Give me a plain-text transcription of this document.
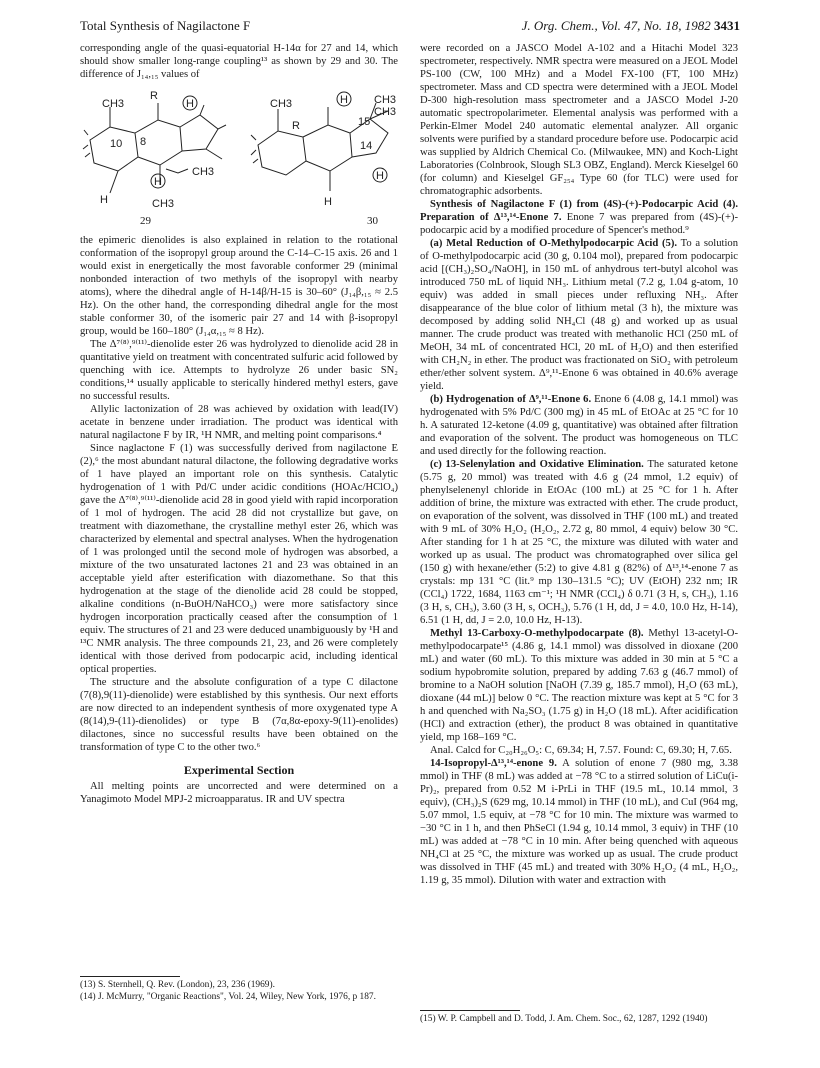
Total Synthesis of Nagilactone F	J. Org. Chem., Vol. 47, No. 18, 1982 3431

corresponding angle of the quasi-equatorial H-14α for 27 and 14, which should show smaller long-range coupling¹³ as shown by 29 and 30. The difference of J₁₄,₁₅ values of

CH3
R
H
H
CH3
H	CH3
8
10
CH3	H
H
CH3
CH3
R
H
15
14
29	30

the epimeric dienolides is also explained in relation to the rotational conformation of the isopropyl group around the C-14–C-15 axis. 26 and 1 would exist in energetically the most favorable conformer 29 (minimal nonbonded interaction of two methyls of the isopropyl with nearby atoms), where the dihedral angle of H-14β/H-15 is 30–60° (J₁₄β,₁₅ ≈ 2.5 Hz). On the other hand, the corresponding dihedral angle for the most stable conformer 30, of the isomeric pair 27 and 14 with β-isopropyl group, would be 160–180° (J₁₄α,₁₅ ≈ 8 Hz).

The Δ⁷⁽⁸⁾,⁹⁽¹¹⁾-dienolide ester 26 was hydrolyzed to dienolide acid 28 in quantitative yield on treatment with concentrated sulfuric acid followed by quenching with ice. Attempts to hydrolyze 26 under basic SN₂ conditions,¹⁴ usually applicable to sterically hindered methyl esters, gave no successful results.

Allylic lactonization of 28 was achieved by oxidation with lead(IV) acetate in benzene under irradiation. The product was identical with natural nagilactone F by IR, ¹H NMR, and melting point comparisons.⁴

Since naglactone F (1) was successfully derived from nagilactone E (2),⁶ the most abundant natural dilactone, the following degradative works of 1 have played an important role on this synthesis. Catalytic hydrogenation of 1 with Pd/C under acidic conditions (HOAc/HClO₄) gave the Δ⁷⁽⁸⁾,⁹⁽¹¹⁾-dienolide acid 28 in good yield with rapid incorporation of 1 mol of hydrogen. The acid 28 did not crystallize but gave, on treatment with diazomethane, the crystalline methyl ester 26, which was characterized by elemental and spectral analyses. When the hydrogenation of 1 was prolonged until the second mole of hydrogen was absorbed, a mixture of the two unsaturated lactones 21 and 23 was obtained in an acceptable yield after esterification with diazomethane. So that this hydrogenation at the stage of the dienolide acid 28 could be stopped, alkaline conditions (n-BuOH/NaHCO₃) were more satisfactory since hydrogen incorporation practically ceased after the consumption of 1 equiv. The structures of 21 and 23 were deduced unambiguously by ¹H and ¹³C NMR analysis. The three compounds 21, 23, and 26 were completely identical with those derived from podocarpic acid, including identical optical properties.

The structure and the absolute configuration of a type C dilactone (7(8),9(11)-dienolide) were established by this synthesis. Our next efforts are now directed to an independent synthesis of more oxygenated type A (8(14),9-(11)-dienolides) or type B (7α,8α-epoxy-9(11)-enolides) dilactones, since no successful results have been obtained on the transformation of type C to the other two.⁶

Experimental Section

All melting points are uncorrected and were determined on a Yanagimoto Model MPJ-2 microapparatus. IR and UV spectra

were recorded on a JASCO Model A-102 and a Hitachi Model 323 spectrometer, respectively. NMR spectra were measured on a JEOL Model PS-100 (CW, 100 MHz) and a Model FX-100 (FT, 100 MHz) spectrometer. Mass and CD spectra were determined with a JEOL Model D-300 high-resolution mass spectrometer and a JASCO Model J-20 automatic spectropolarimeter. Elemental analysis was performed with a Perkin-Elmer Model 240 automatic elemental analyzer. All organic solvents were purified by a standard procedure before use. Podocarpic acid was supplied by Aldrich Chemical Co. (Milwaukee, MN) and Koch-Light Laboratories (Colnbrook, Slough SL3 OBZ, England). Merck Kieselgel 60 (for column) and Kieselgel GF₂₅₄ Type 60 (for TLC) were used for chromatographic adsorbents.

Synthesis of Nagilactone F (1) from (4S)-(+)-Podocarpic Acid (4). Preparation of Δ¹³,¹⁴-Enone 7. Enone 7 was prepared from (4S)-(+)-podocarpic acid by a modified procedure of Spencer's method.⁹

(a) Metal Reduction of O-Methylpodocarpic Acid (5). To a solution of O-methylpodocarpic acid (30 g, 0.104 mol), prepared from podocarpic acid [(CH₃)₂SO₄/NaOH], in 150 mL of anhydrous tert-butyl alcohol was introduced 750 mL of liquid NH₃. Lithium metal (7.2 g, 1.04 g-atom, 10 equiv) was added in small pieces under refluxing NH₃. After disappearance of the blue color of lithium metal (3 h), the mixture was decomposed by adding solid NH₄Cl (48 g) and worked up as usual manner. The crude product was treated with methanolic HCl (250 mL of MeOH, 34 mL of concentrated HCl, 20 mL of H₂O) and then esterified with CH₂N₂ in ether. The product was fractionated on SiO₂ with petroleum ether/ether solvent system. Δ⁹,¹¹-Enone 6 was obtained in 40.6% average yield.

(b) Hydrogenation of Δ⁹,¹¹-Enone 6. Enone 6 (4.08 g, 14.1 mmol) was hydrogenated with 5% Pd/C (300 mg) in 45 mL of EtOAc at 25 °C for 10 h. A saturated 12-ketone (4.09 g, quantitative) was obtained after filtration and evaporation of the solvent. The product was homogeneous on TLC and used directly for the following reaction.

(c) 13-Selenylation and Oxidative Elimination. The saturated ketone (5.75 g, 20 mmol) was treated with 4.6 g (24 mmol, 1.2 equiv) of phenylselenenyl chloride in EtOAc (100 mL) at 25 °C for 1 h. After addition of brine, the mixture was extracted with ether. The crude product, on evaporation of the solvent, was dissolved in THF (100 mL) and treated with 9 mL of 30% H₂O₂ (H₂O₂, 2.72 g, 80 mmol, 4 equiv) below 30 °C. After standing for 1 h at 25 °C, the mixture was diluted with water and worked up as usual. The product was chromatographed over silica gel (150 g) with hexane/ether (5:2) to give 4.81 g (82%) of Δ¹³,¹⁴-enone 7 as crystals: mp 131 °C (lit.⁹ mp 130–131.5 °C); UV (EtOH) 232 nm; IR (CCl₄) 1722, 1684, 1163 cm⁻¹; ¹H NMR (CCl₄) δ 0.71 (3 H, s, CH₃), 1.16 (3 H, s, CH₃), 3.60 (3 H, s, OCH₃), 5.76 (1 H, dd, J = 4.0, 10.0 Hz, H-14), 6.51 (1 H, dd, J = 2.0, 10.0 Hz, H-13).

Methyl 13-Carboxy-O-methylpodocarpate (8). Methyl 13-acetyl-O-methylpodocarpate¹⁵ (4.86 g, 14.1 mmol) was dissolved in dioxane (200 mL) and water (60 mL). To this mixture was added in 30 min at 5 °C a sodium hypobromite solution, prepared by adding 7.63 g (46.7 mmol) of bromine to a NaOH solution [NaOH (7.39 g, 185.7 mmol), H₂O (63 mL), dioxane (44 mL)] below 0 °C. The reaction mixture was kept at 5 °C for 3 h and quenched with Na₂SO₃ (1.75 g) in H₂O (18 mL). After acidification (HCl) and extraction (ether), the product 8 was obtained in quantitative yield, mp 168–169 °C.

Anal. Calcd for C₂₀H₂₆O₅: C, 69.34; H, 7.57. Found: C, 69.30; H, 7.65.

14-Isopropyl-Δ¹³,¹⁴-enone 9. A solution of enone 7 (980 mg, 3.38 mmol) in THF (8 mL) was added at −78 °C to a stirred solution of LiCu(i-Pr)₂, prepared from 0.52 M i-PrLi in THF (19.5 mL, 10.14 mmol, 3 equiv), (CH₃)₂S (629 mg, 10.14 mmol) in THF (10 mL), and CuI (964 mg, 5.07 mmol, 1.5 equiv, at −78 °C for 10 min. The mixture was warmed to −30 °C in 1 h, and then PhSeCl (1.94 g, 10.14 mmol, 3 equiv) in THF (10 mL) was added at −78 °C in 10 min. After being quenched with aqueous NH₄Cl at 25 °C, the mixture was worked up as usual. The crude product was dissolved in THF (45 mL) and treated with 30% H₂O₂ (4 mL, H₂O₂, 1.19 g, 35 mmol). Dilution with water and extraction with

(13) S. Sternhell, Q. Rev. (London), 23, 236 (1969).
(14) J. McMurry, "Organic Reactions", Vol. 24, Wiley, New York, 1976, p 187.
(15) W. P. Campbell and D. Todd, J. Am. Chem. Soc., 62, 1287, 1292 (1940)
